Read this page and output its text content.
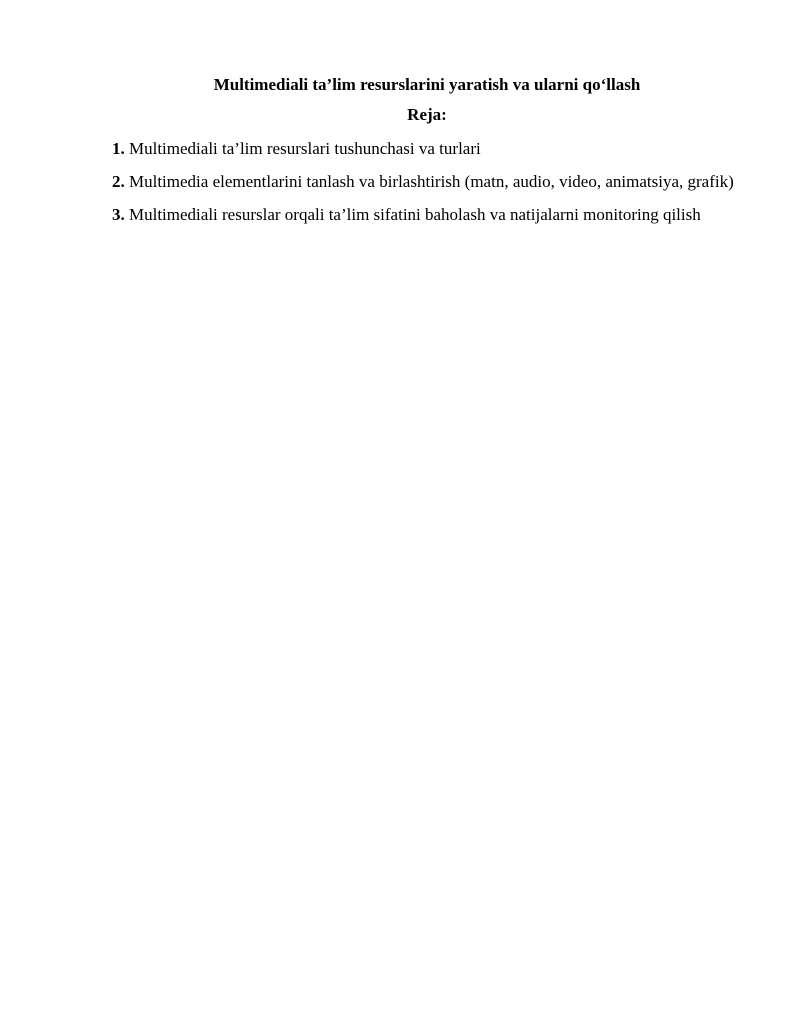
Multimediali ta’lim resurslarini yaratish va ularni qo‘llash
Reja:

1. Multimediali ta’lim resurslari tushunchasi va turlari

2. Multimedia elementlarini tanlash va birlashtirish (matn, audio, video, animatsiya, grafik)

3. Multimediali resurslar orqali ta’lim sifatini baholash va natijalarni monitoring qilish
